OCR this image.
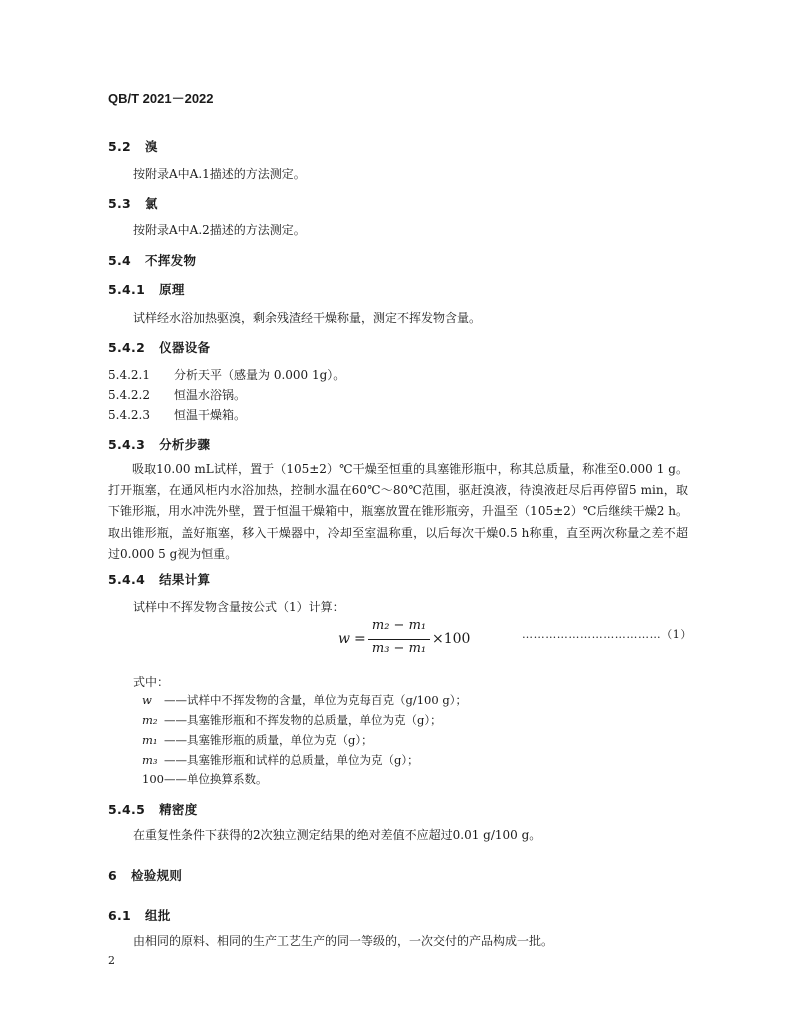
QB/T 2021－2022
5.2 溴
按附录A中A.1描述的方法测定。
5.3 氯
按附录A中A.2描述的方法测定。
5.4 不挥发物
5.4.1 原理
试样经水浴加热驱溴，剩余残渣经干燥称量，测定不挥发物含量。
5.4.2 仪器设备
5.4.2.1 分析天平（感量为 0.000 1g）。
5.4.2.2 恒温水浴锅。
5.4.2.3 恒温干燥箱。
5.4.3 分析步骤
吸取10.00 mL试样，置于（105±2）℃干燥至恒重的具塞锥形瓶中，称其总质量，称准至0.000 1 g。打开瓶塞，在通风柜内水浴加热，控制水温在60℃～80℃范围，驱赶溴液，待溴液赶尽后再停留5 min，取下锥形瓶，用水冲洗外壁，置于恒温干燥箱中，瓶塞放置在锥形瓶旁，升温至（105±2）℃后继续干燥2 h。取出锥形瓶，盖好瓶塞，移入干燥器中，冷却至室温称重，以后每次干燥0.5 h称重，直至两次称量之差不超过0.000 5 g视为恒重。
5.4.4 结果计算
试样中不挥发物含量按公式（1）计算：
w =
m₂ − m₁
m₃ − m₁
×100	………………………………（1）
式中：
w ——试样中不挥发物的含量，单位为克每百克（g/100 g）；
m₂ ——具塞锥形瓶和不挥发物的总质量，单位为克（g）；
m₁ ——具塞锥形瓶的质量，单位为克（g）；
m₃ ——具塞锥形瓶和试样的总质量，单位为克（g）；
100——单位换算系数。
5.4.5 精密度
在重复性条件下获得的2次独立测定结果的绝对差值不应超过0.01 g/100 g。
6 检验规则
6.1 组批
由相同的原料、相同的生产工艺生产的同一等级的，一次交付的产品构成一批。
2
